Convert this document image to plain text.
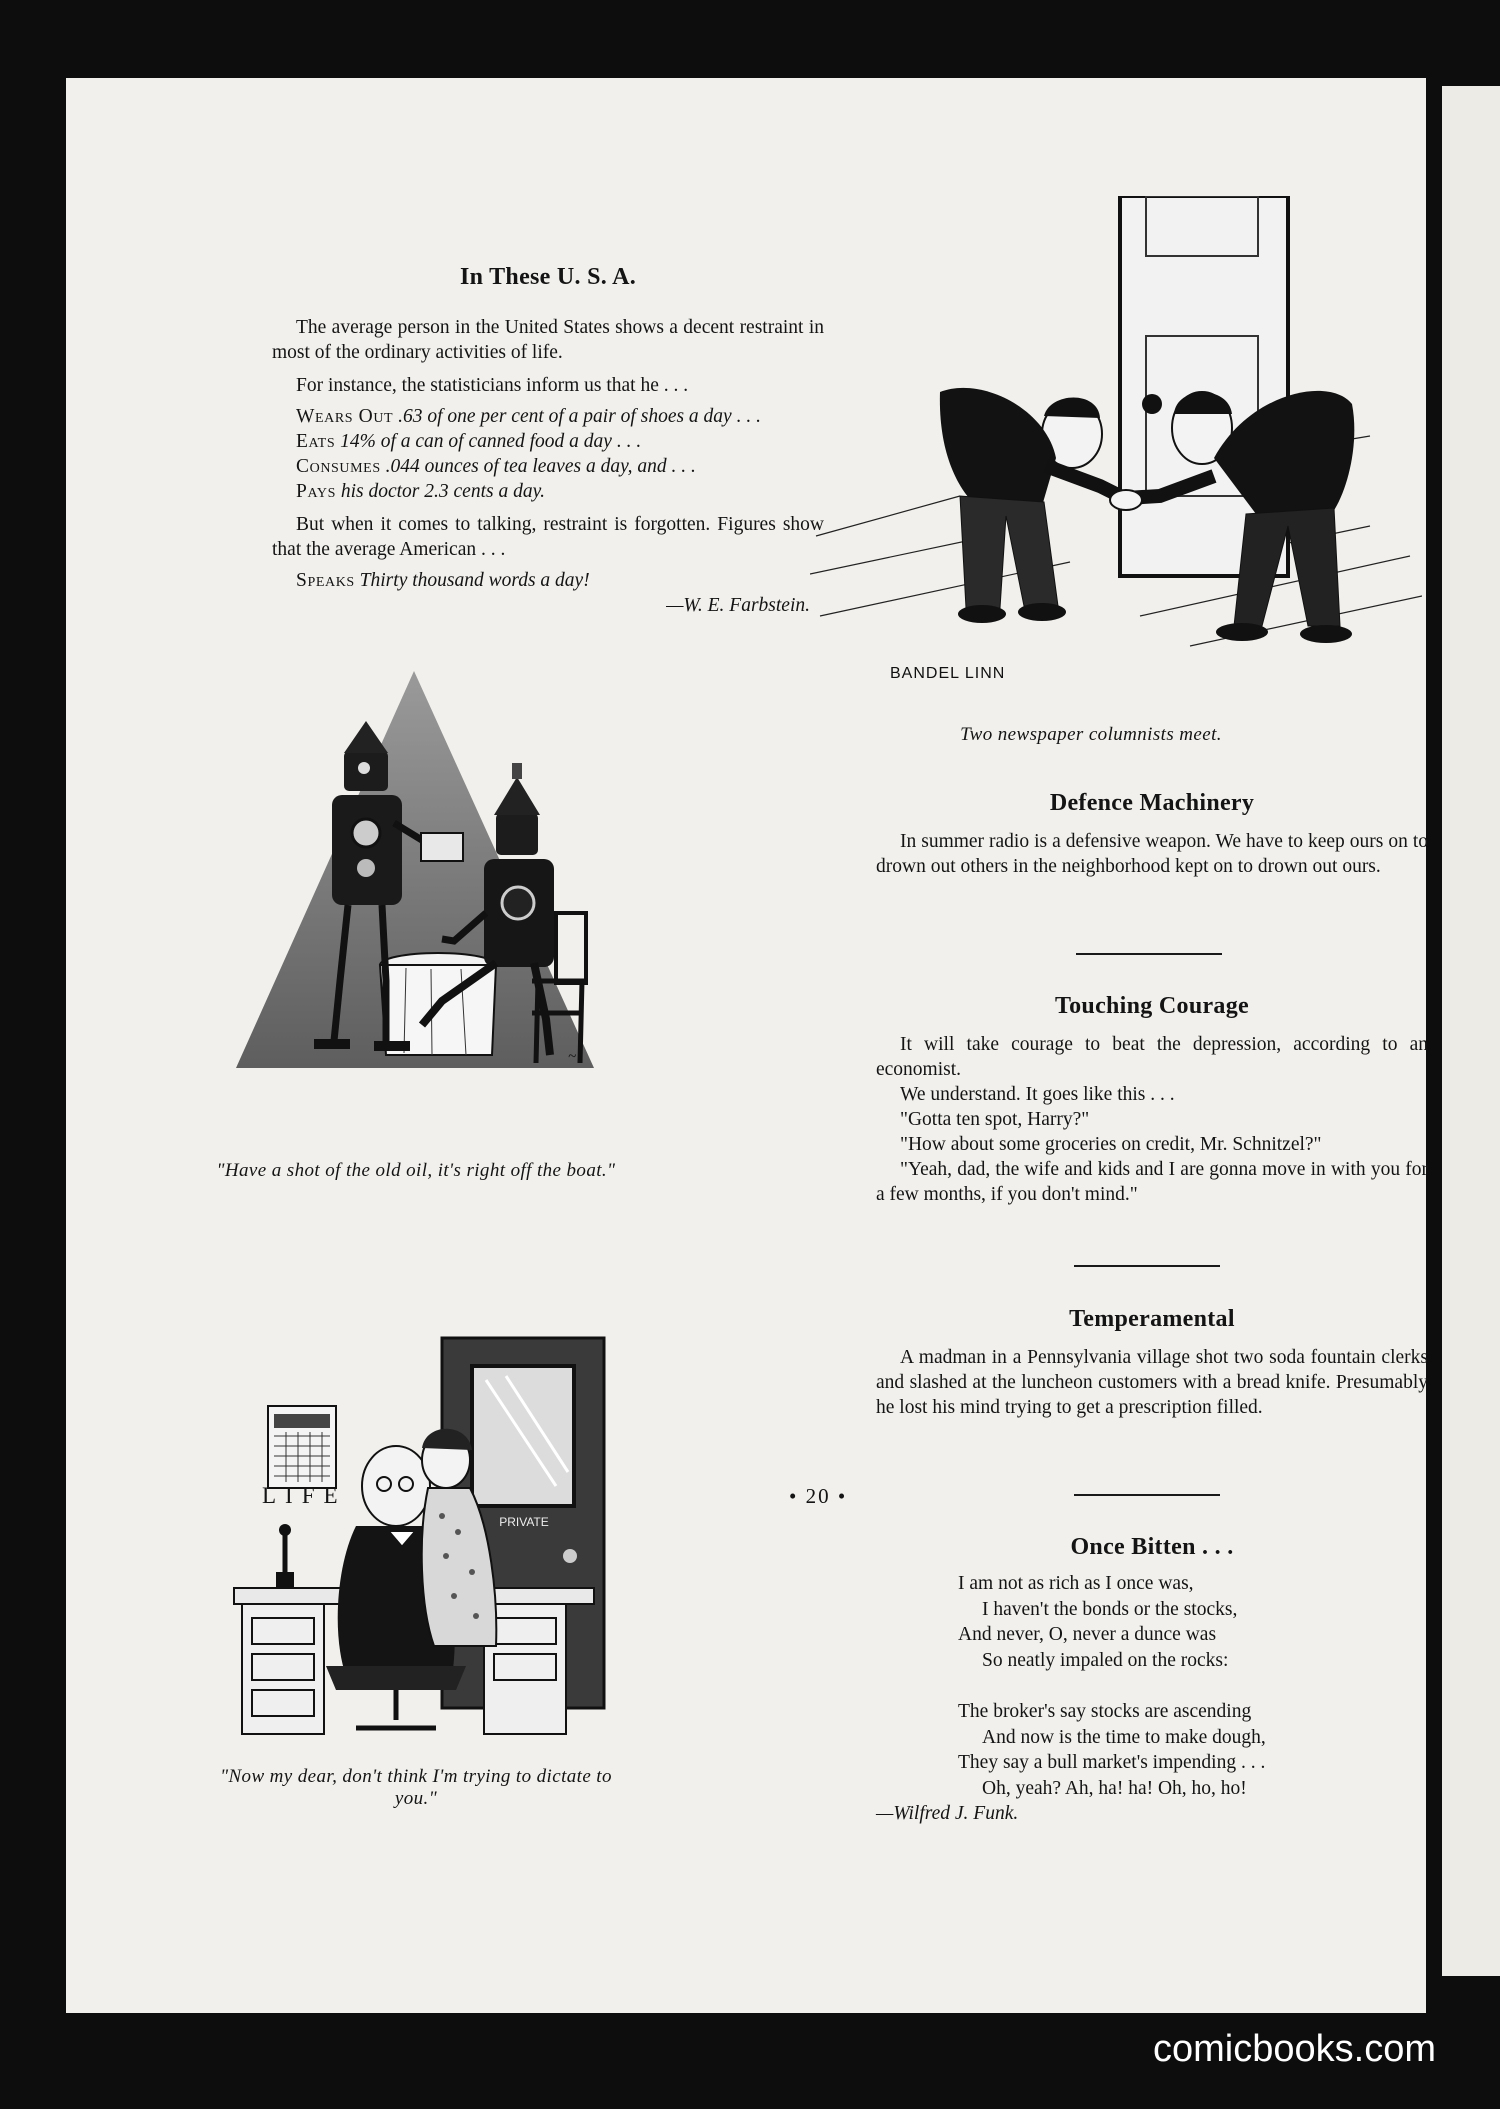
In These U. S. A.

The average person in the United States shows a decent restraint in most of the ordinary activities of life.

For instance, the statisticians inform us that he . . .

Wears Out .63 of one per cent of a pair of shoes a day . . .

Eats 14% of a can of canned food a day . . .

Consumes .044 ounces of tea leaves a day, and . . .

Pays his doctor 2.3 cents a day.

But when it comes to talking, restraint is forgotten. Figures show that the average American . . .

Speaks Thirty thousand words a day!

—W. E. Farbstein.

~
"Have a shot of the old oil, it's right off the boat."
PRIVATE
"Now my dear, don't think I'm trying to dictate to you."
BANDEL LINN
Two newspaper columnists meet.
Defence Machinery

In summer radio is a defensive weapon. We have to keep ours on to drown out others in the neighborhood kept on to drown out ours.

Touching Courage

It will take courage to beat the depression, according to an economist.

We understand. It goes like this . . .

"Gotta ten spot, Harry?"

"How about some groceries on credit, Mr. Schnitzel?"

"Yeah, dad, the wife and kids and I are gonna move in with you for a few months, if you don't mind."

Temperamental

A madman in a Pennsylvania village shot two soda fountain clerks and slashed at the luncheon customers with a bread knife. Presumably he lost his mind trying to get a prescription filled.

Once Bitten . . .

I am not as rich as I once was,

I haven't the bonds or the stocks,

And never, O, never a dunce was

So neatly impaled on the rocks:

The broker's say stocks are ascending

And now is the time to make dough,

They say a bull market's impending . . .

Oh, yeah? Ah, ha! ha! Oh, ho, ho!

—Wilfred J. Funk.

LIFE	• 20 •
comicbooks.com
